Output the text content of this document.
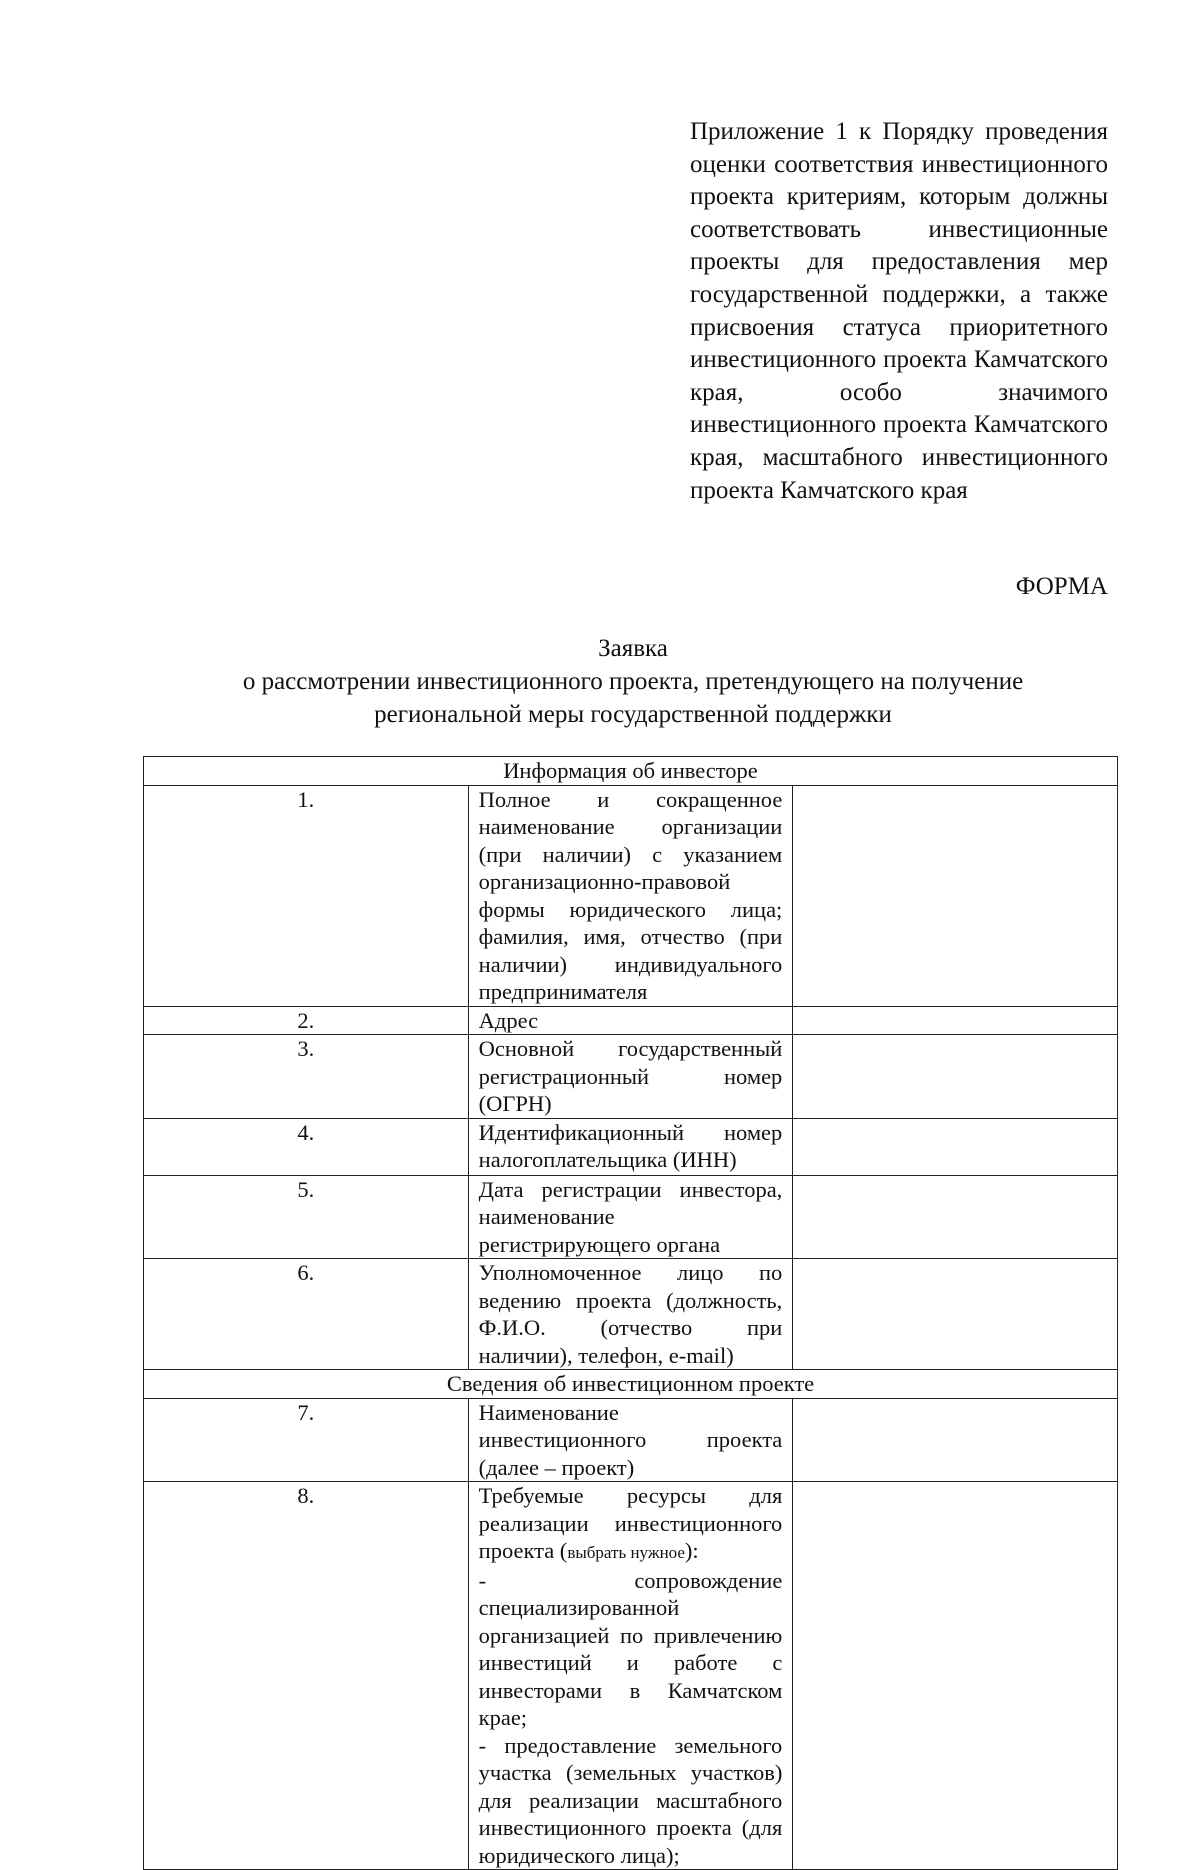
Приложение 1 к Порядку проведения оценки соответствия инвестиционного проекта критериям, которым должны соответствовать инвестиционные проекты для предоставления мер государственной поддержки, а также присвоения статуса приоритетного инвестиционного проекта Камчатского края, особо значимого инвестиционного проекта Камчатского края, масштабного инвестиционного проекта Камчатского края
ФОРМА
Заявка
о рассмотрении инвестиционного проекта, претендующего на получение
региональной меры государственной поддержки
Информация об инвесторе		
1.	Полное и сокращенное наименование организации (при наличии) с указанием организационно-правовой формы юридического лица; фамилия, имя, отчество (при наличии) индивидуального предпринимателя	
2.	Адрес	
3.	Основной государственный регистрационный номер (ОГРН)	
4.	Идентификационный номер налогоплательщика (ИНН)	
5.	Дата регистрации инвестора, наименование регистрирующего органа	
6.	Уполномоченное лицо по ведению проекта (должность, Ф.И.О. (отчество при наличии), телефон, e-mail)	
Сведения об инвестиционном проекте		
7.	Наименование инвестиционного проекта (далее – проект)	
8.	Требуемые ресурсы для реализации инвестиционного проекта (выбрать нужное):
- сопровождение специализированной организацией по привлечению инвестиций и работе с инвесторами в Камчатском крае;
- предоставление земельного участка (земельных участков) для реализации масштабного инвестиционного проекта (для юридического лица);	
